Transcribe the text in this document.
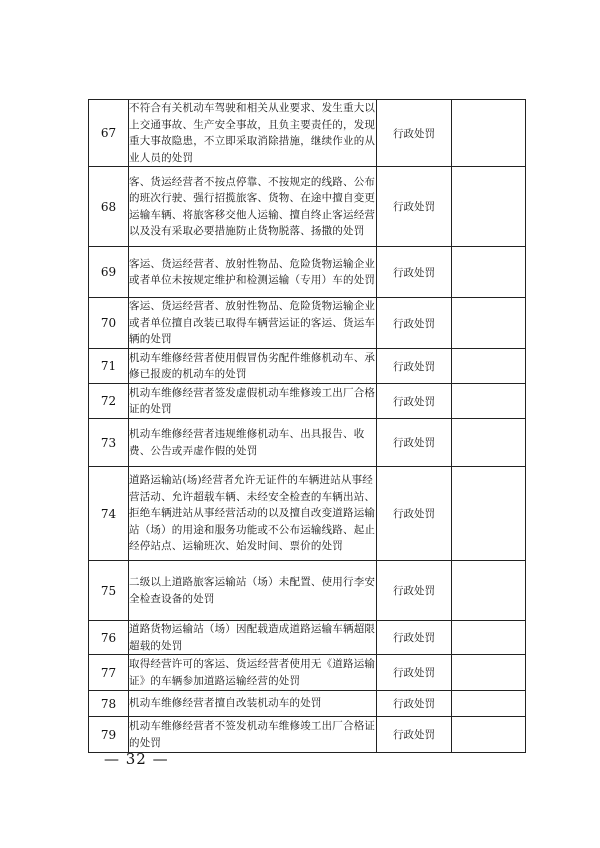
67	不符合有关机动车驾驶和相关从业要求、发生重大以上交通事故、生产安全事故，且负主要责任的，发现重大事故隐患，不立即采取消除措施，继续作业的从业人员的处罚	行政处罚	
68	客、货运经营者不按点停靠、不按规定的线路、公布的班次行驶、强行招揽旅客、货物、在途中擅自变更运输车辆、将旅客移交他人运输、擅自终止客运经营以及没有采取必要措施防止货物脱落、扬撒的处罚	行政处罚	
69	客运、货运经营者、放射性物品、危险货物运输企业或者单位未按规定维护和检测运输（专用）车的处罚	行政处罚	
70	客运、货运经营者、放射性物品、危险货物运输企业或者单位擅自改装已取得车辆营运证的客运、货运车辆的处罚	行政处罚	
71	机动车维修经营者使用假冒伪劣配件维修机动车、承修已报废的机动车的处罚	行政处罚	
72	机动车维修经营者签发虚假机动车维修竣工出厂合格证的处罚	行政处罚	
73	机动车维修经营者违规维修机动车、出具报告、收费、公告或弄虚作假的处罚	行政处罚	
74	道路运输站(场)经营者允许无证件的车辆进站从事经营活动、允许超载车辆、未经安全检查的车辆出站、拒绝车辆进站从事经营活动的以及擅自改变道路运输站（场）的用途和服务功能或不公布运输线路、起止经停站点、运输班次、始发时间、票价的处罚	行政处罚	
75	二级以上道路旅客运输站（场）未配置、使用行李安全检查设备的处罚	行政处罚	
76	道路货物运输站（场）因配载造成道路运输车辆超限超载的处罚	行政处罚	
77	取得经营许可的客运、货运经营者使用无《道路运输证》的车辆参加道路运输经营的处罚	行政处罚	
78	机动车维修经营者擅自改装机动车的处罚	行政处罚	
79	机动车维修经营者不签发机动车维修竣工出厂合格证的处罚	行政处罚	
— 32 —
